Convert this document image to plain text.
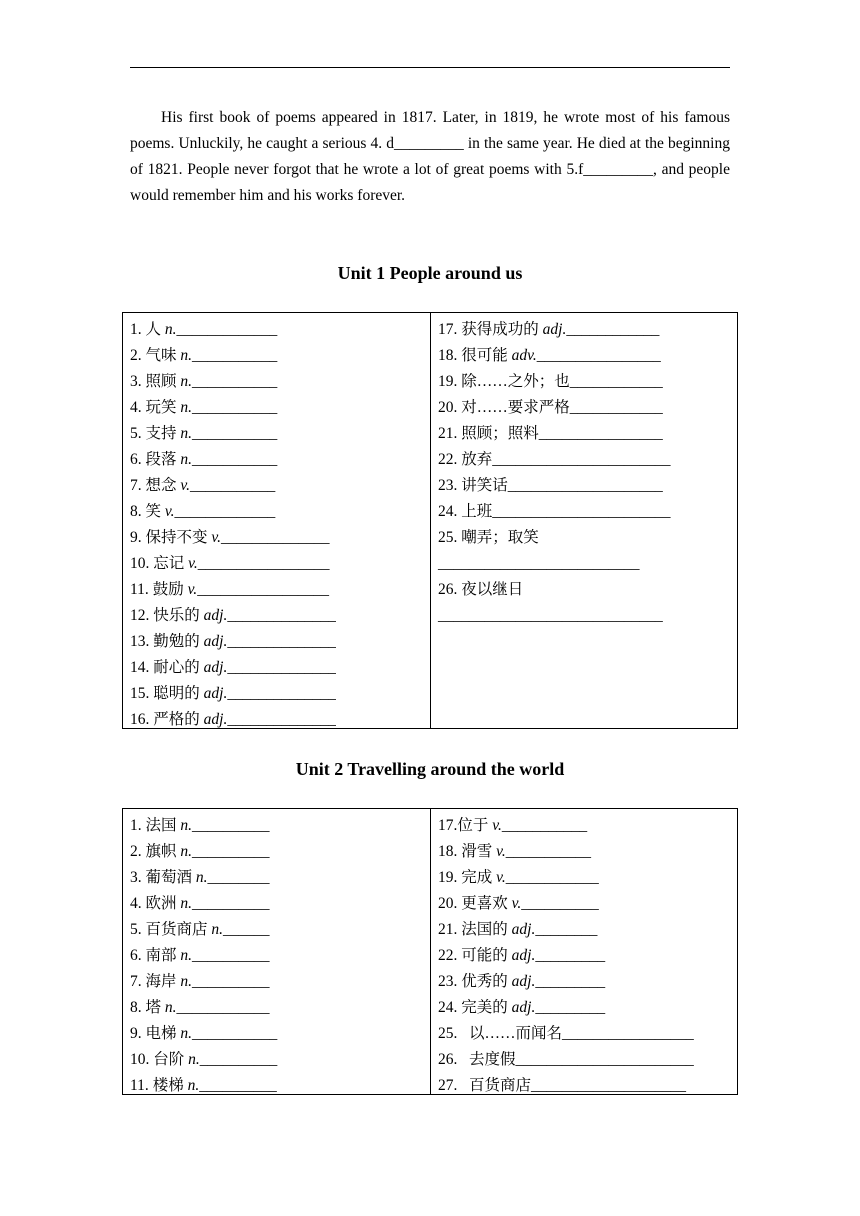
His first book of poems appeared in 1817. Later, in 1819, he wrote most of his famous poems. Unluckily, he caught a serious 4. d_________ in the same year. He died at the beginning of 1821. People never forgot that he wrote a lot of great poems with 5.f_________, and people would remember him and his works forever.

Unit 1 People around us
1. 人 n._____________
2. 气味 n.___________
3. 照顾 n.___________
4. 玩笑 n.___________
5. 支持 n.___________
6. 段落 n.___________
7. 想念 v.___________
8. 笑 v._____________
9. 保持不变 v.______________
10. 忘记 v._________________
11. 鼓励 v._________________
12. 快乐的 adj.______________
13. 勤勉的 adj.______________
14. 耐心的 adj.______________
15. 聪明的 adj.______________
16. 严格的 adj.______________
17. 获得成功的 adj.____________
18. 很可能 adv.________________
19. 除……之外；也____________
20. 对……要求严格____________
21. 照顾；照料________________
22. 放弃_______________________
23. 讲笑话____________________
24. 上班_______________________
25. 嘲弄；取笑
__________________________
26. 夜以继日
_____________________________
Unit 2 Travelling around the world
1. 法国 n.__________
2. 旗帜 n.__________
3. 葡萄酒 n.________
4. 欧洲 n.__________
5. 百货商店 n.______
6. 南部 n.__________
7. 海岸 n.__________
8. 塔 n.____________
9. 电梯 n.___________
10. 台阶 n.__________
11. 楼梯 n.__________
17.位于 v.___________
18. 滑雪 v.___________
19. 完成 v.____________
20. 更喜欢 v.__________
21. 法国的 adj.________
22. 可能的 adj._________
23. 优秀的 adj._________
24. 完美的 adj._________
25. 以……而闻名_________________
26. 去度假_______________________
27. 百货商店____________________
